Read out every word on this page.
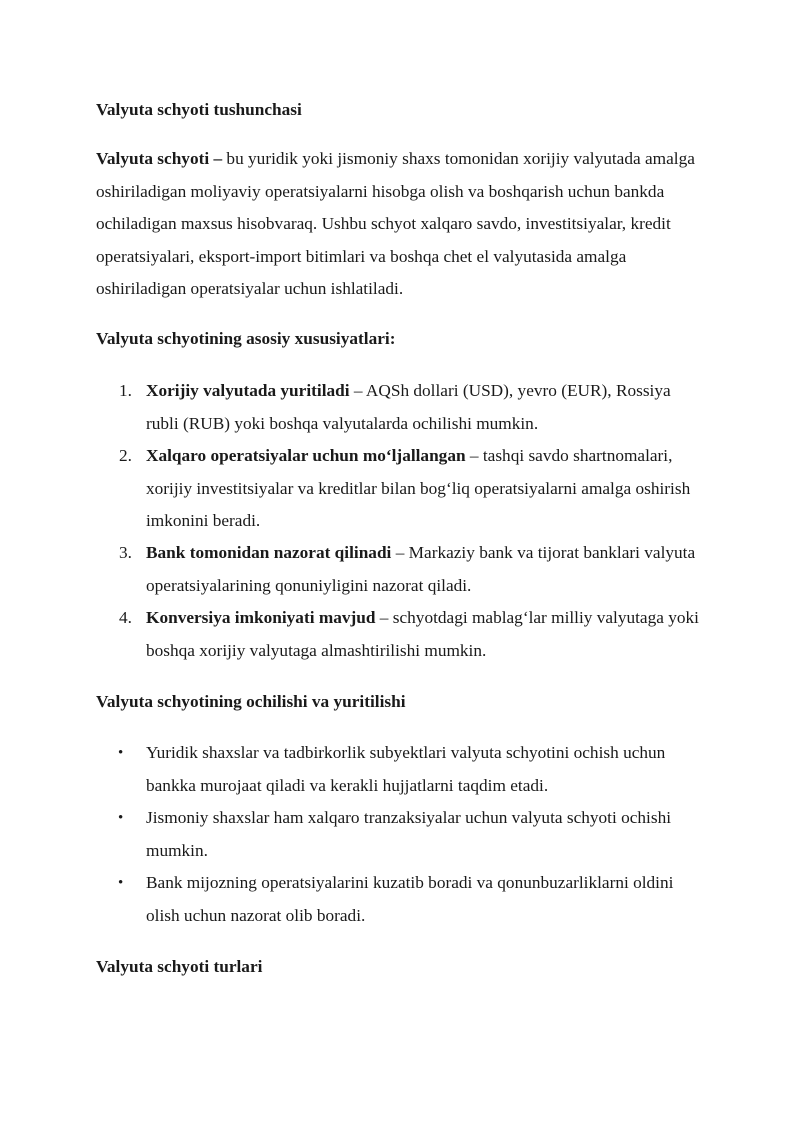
Valyuta schyoti tushunchasi
Valyuta schyoti – bu yuridik yoki jismoniy shaxs tomonidan xorijiy valyutada amalga oshiriladigan moliyaviy operatsiyalarni hisobga olish va boshqarish uchun bankda ochiladigan maxsus hisobvaraq. Ushbu schyot xalqaro savdo, investitsiyalar, kredit operatsiyalari, eksport-import bitimlari va boshqa chet el valyutasida amalga oshiriladigan operatsiyalar uchun ishlatiladi.
Valyuta schyotining asosiy xususiyatlari:
1. Xorijiy valyutada yuritiladi – AQSh dollari (USD), yevro (EUR), Rossiya rubli (RUB) yoki boshqa valyutalarda ochilishi mumkin.
2. Xalqaro operatsiyalar uchun mo‘ljallangan – tashqi savdo shartnomalari, xorijiy investitsiyalar va kreditlar bilan bog‘liq operatsiyalarni amalga oshirish imkonini beradi.
3. Bank tomonidan nazorat qilinadi – Markaziy bank va tijorat banklari valyuta operatsiyalarining qonuniyligini nazorat qiladi.
4. Konversiya imkoniyati mavjud – schyotdagi mablag‘lar milliy valyutaga yoki boshqa xorijiy valyutaga almashtirilishi mumkin.
Valyuta schyotining ochilishi va yuritilishi
• Yuridik shaxslar va tadbirkorlik subyektlari valyuta schyotini ochish uchun bankka murojaat qiladi va kerakli hujjatlarni taqdim etadi.
• Jismoniy shaxslar ham xalqaro tranzaksiyalar uchun valyuta schyoti ochishi mumkin.
• Bank mijozning operatsiyalarini kuzatib boradi va qonunbuzarliklarni oldini olish uchun nazorat olib boradi.
Valyuta schyoti turlari
